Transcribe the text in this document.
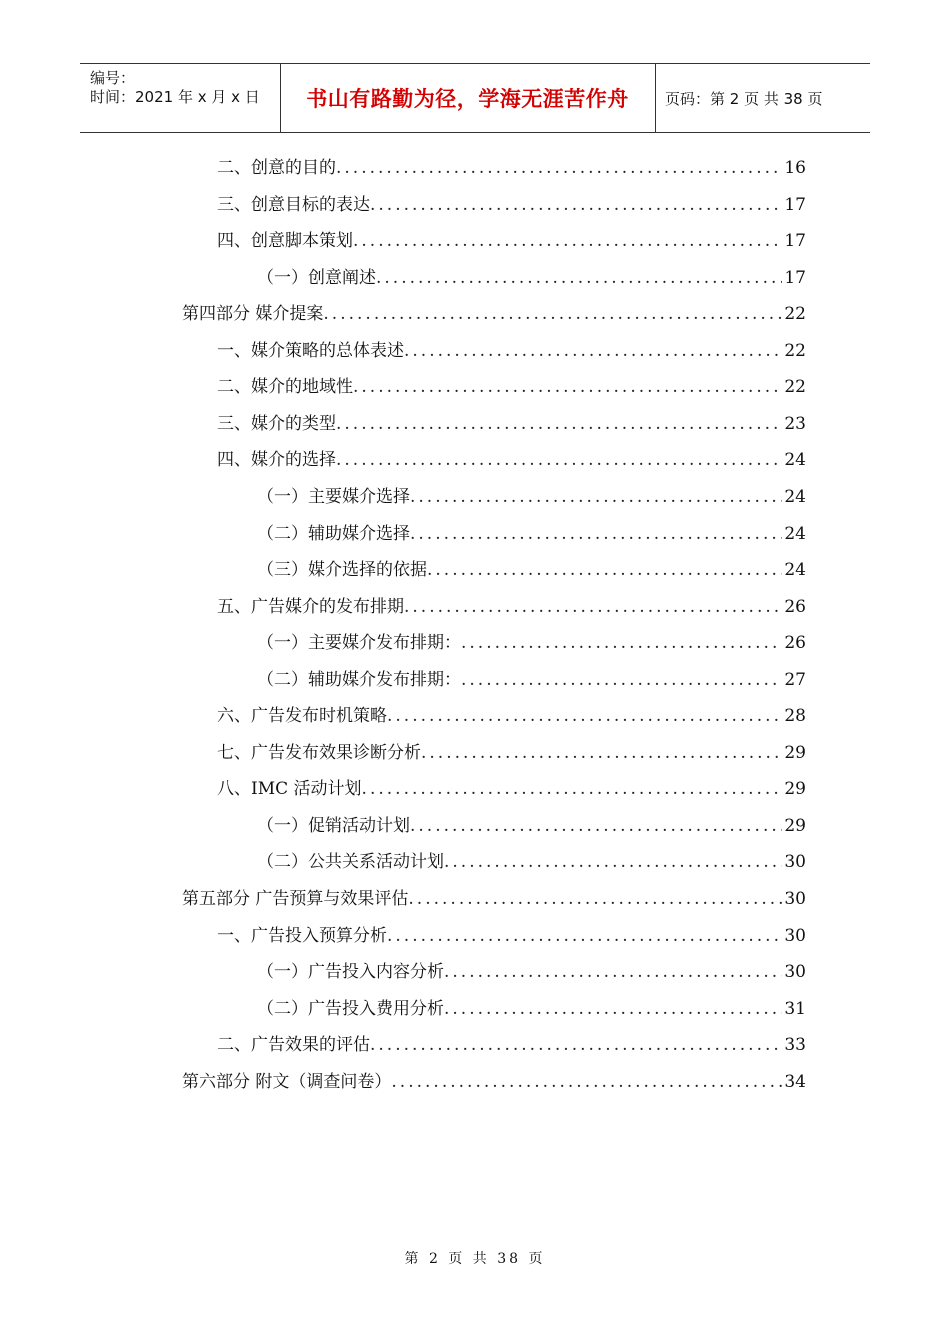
编号：
时间：2021 年 x 月 x 日	书山有路勤为径，学海无涯苦作舟	页码：第 2 页 共 38 页
二、创意的目的 .....	16
三、创意目标的表达 .....	17
四、创意脚本策划 .....	17
（一）创意阐述 .....	17
第四部分 媒介提案 .....	22
一、媒介策略的总体表述 .....	22
二、媒介的地域性 .....	22
三、媒介的类型 .....	23
四、媒介的选择 .....	24
（一）主要媒介选择 .....	24
（二）辅助媒介选择 .....	24
（三）媒介选择的依据 .....	24
五、广告媒介的发布排期 .....	26
（一）主要媒介发布排期： .....	26
（二）辅助媒介发布排期： .....	27
六、广告发布时机策略 .....	28
七、广告发布效果诊断分析 .....	29
八、IMC 活动计划 .....	29
（一）促销活动计划 .....	29
（二）公共关系活动计划 .....	30
第五部分 广告预算与效果评估 .....	30
一、广告投入预算分析 .....	30
（一）广告投入内容分析 .....	30
（二）广告投入费用分析 .....	31
二、广告效果的评估 .....	33
第六部分 附文（调查问卷） .....	34
第 2 页 共 38 页
